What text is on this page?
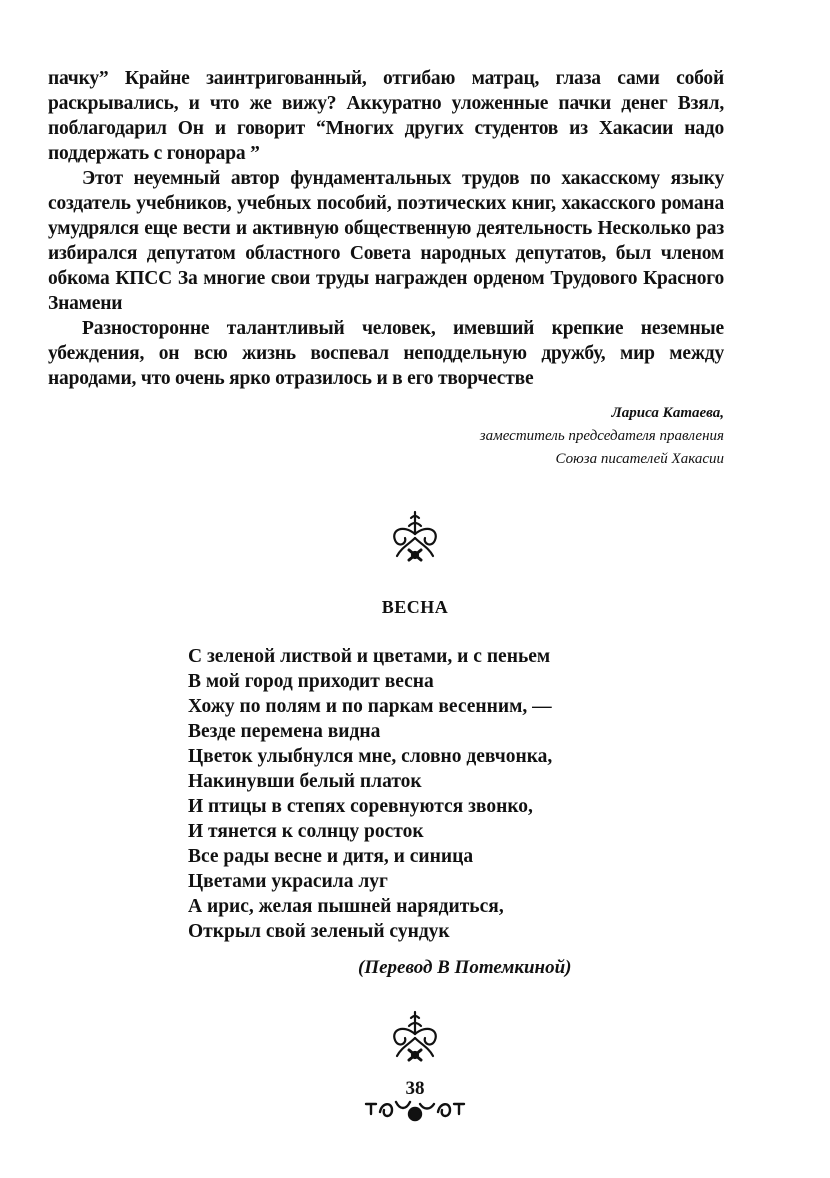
пачку” Крайне заинтригованный, отгибаю матрац, глаза сами собой раскрывались, и что же вижу? Аккуратно уложенные пачки денег Взял, поблагодарил Он и говорит “Многих других студентов из Хакасии надо поддержать с гонорара ”

Этот неуемный автор фундаментальных трудов по хакасскому языку создатель учебников, учебных пособий, поэтических книг, хакасского романа умудрялся еще вести и активную общественную деятельность Несколько раз избирался депутатом областного Совета народных депутатов, был членом обкома КПСС За многие свои труды награжден орденом Трудового Красного Знамени

Разносторонне талантливый человек, имевший крепкие неземные убеждения, он всю жизнь воспевал неподдельную дружбу, мир между народами, что очень ярко отразилось и в его творчестве

Лариса Катаева,
заместитель председателя правления
Союза писателей Хакасии
ВЕСНА
С зеленой листвой и цветами, и с пеньем
В мой город приходит весна
Хожу по полям и по паркам весенним, —
Везде перемена видна
Цветок улыбнулся мне, словно девчонка,
Накинувши белый платок
И птицы в степях соревнуются звонко,
И тянется к солнцу росток
Все рады весне и дитя, и синица
Цветами украсила луг
А ирис, желая пышней нарядиться,
Открыл свой зеленый сундук
(Перевод В Потемкиной)
38
